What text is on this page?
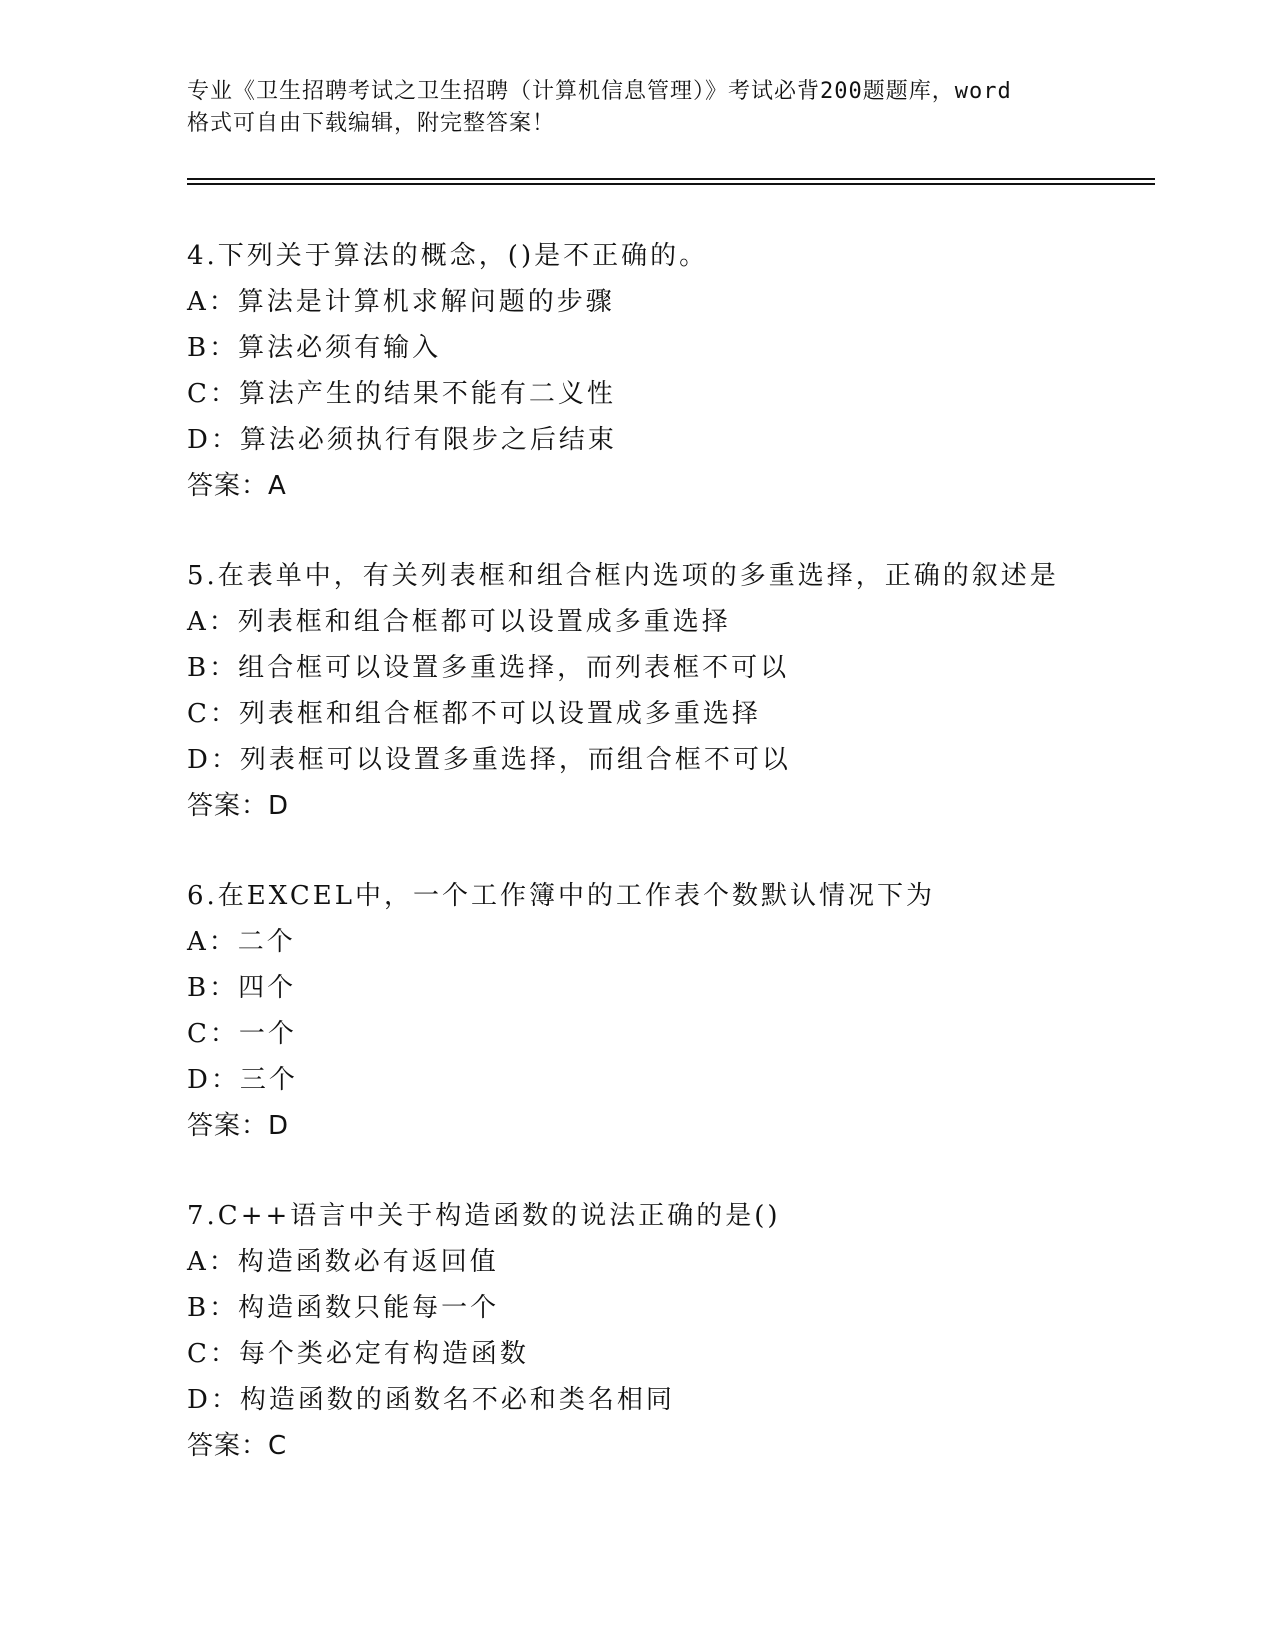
专业《卫生招聘考试之卫生招聘（计算机信息管理）》考试必背200题题库，word
格式可自由下载编辑，附完整答案！
4.下列关于算法的概念，()是不正确的。
A：算法是计算机求解问题的步骤
B：算法必须有输入
C：算法产生的结果不能有二义性
D：算法必须执行有限步之后结束
答案：A
5.在表单中，有关列表框和组合框内选项的多重选择，正确的叙述是
A：列表框和组合框都可以设置成多重选择
B：组合框可以设置多重选择，而列表框不可以
C：列表框和组合框都不可以设置成多重选择
D：列表框可以设置多重选择，而组合框不可以
答案：D
6.在EXCEL中，一个工作簿中的工作表个数默认情况下为
A：二个
B：四个
C：一个
D：三个
答案：D
7.C++语言中关于构造函数的说法正确的是()
A：构造函数必有返回值
B：构造函数只能每一个
C：每个类必定有构造函数
D：构造函数的函数名不必和类名相同
答案：C
